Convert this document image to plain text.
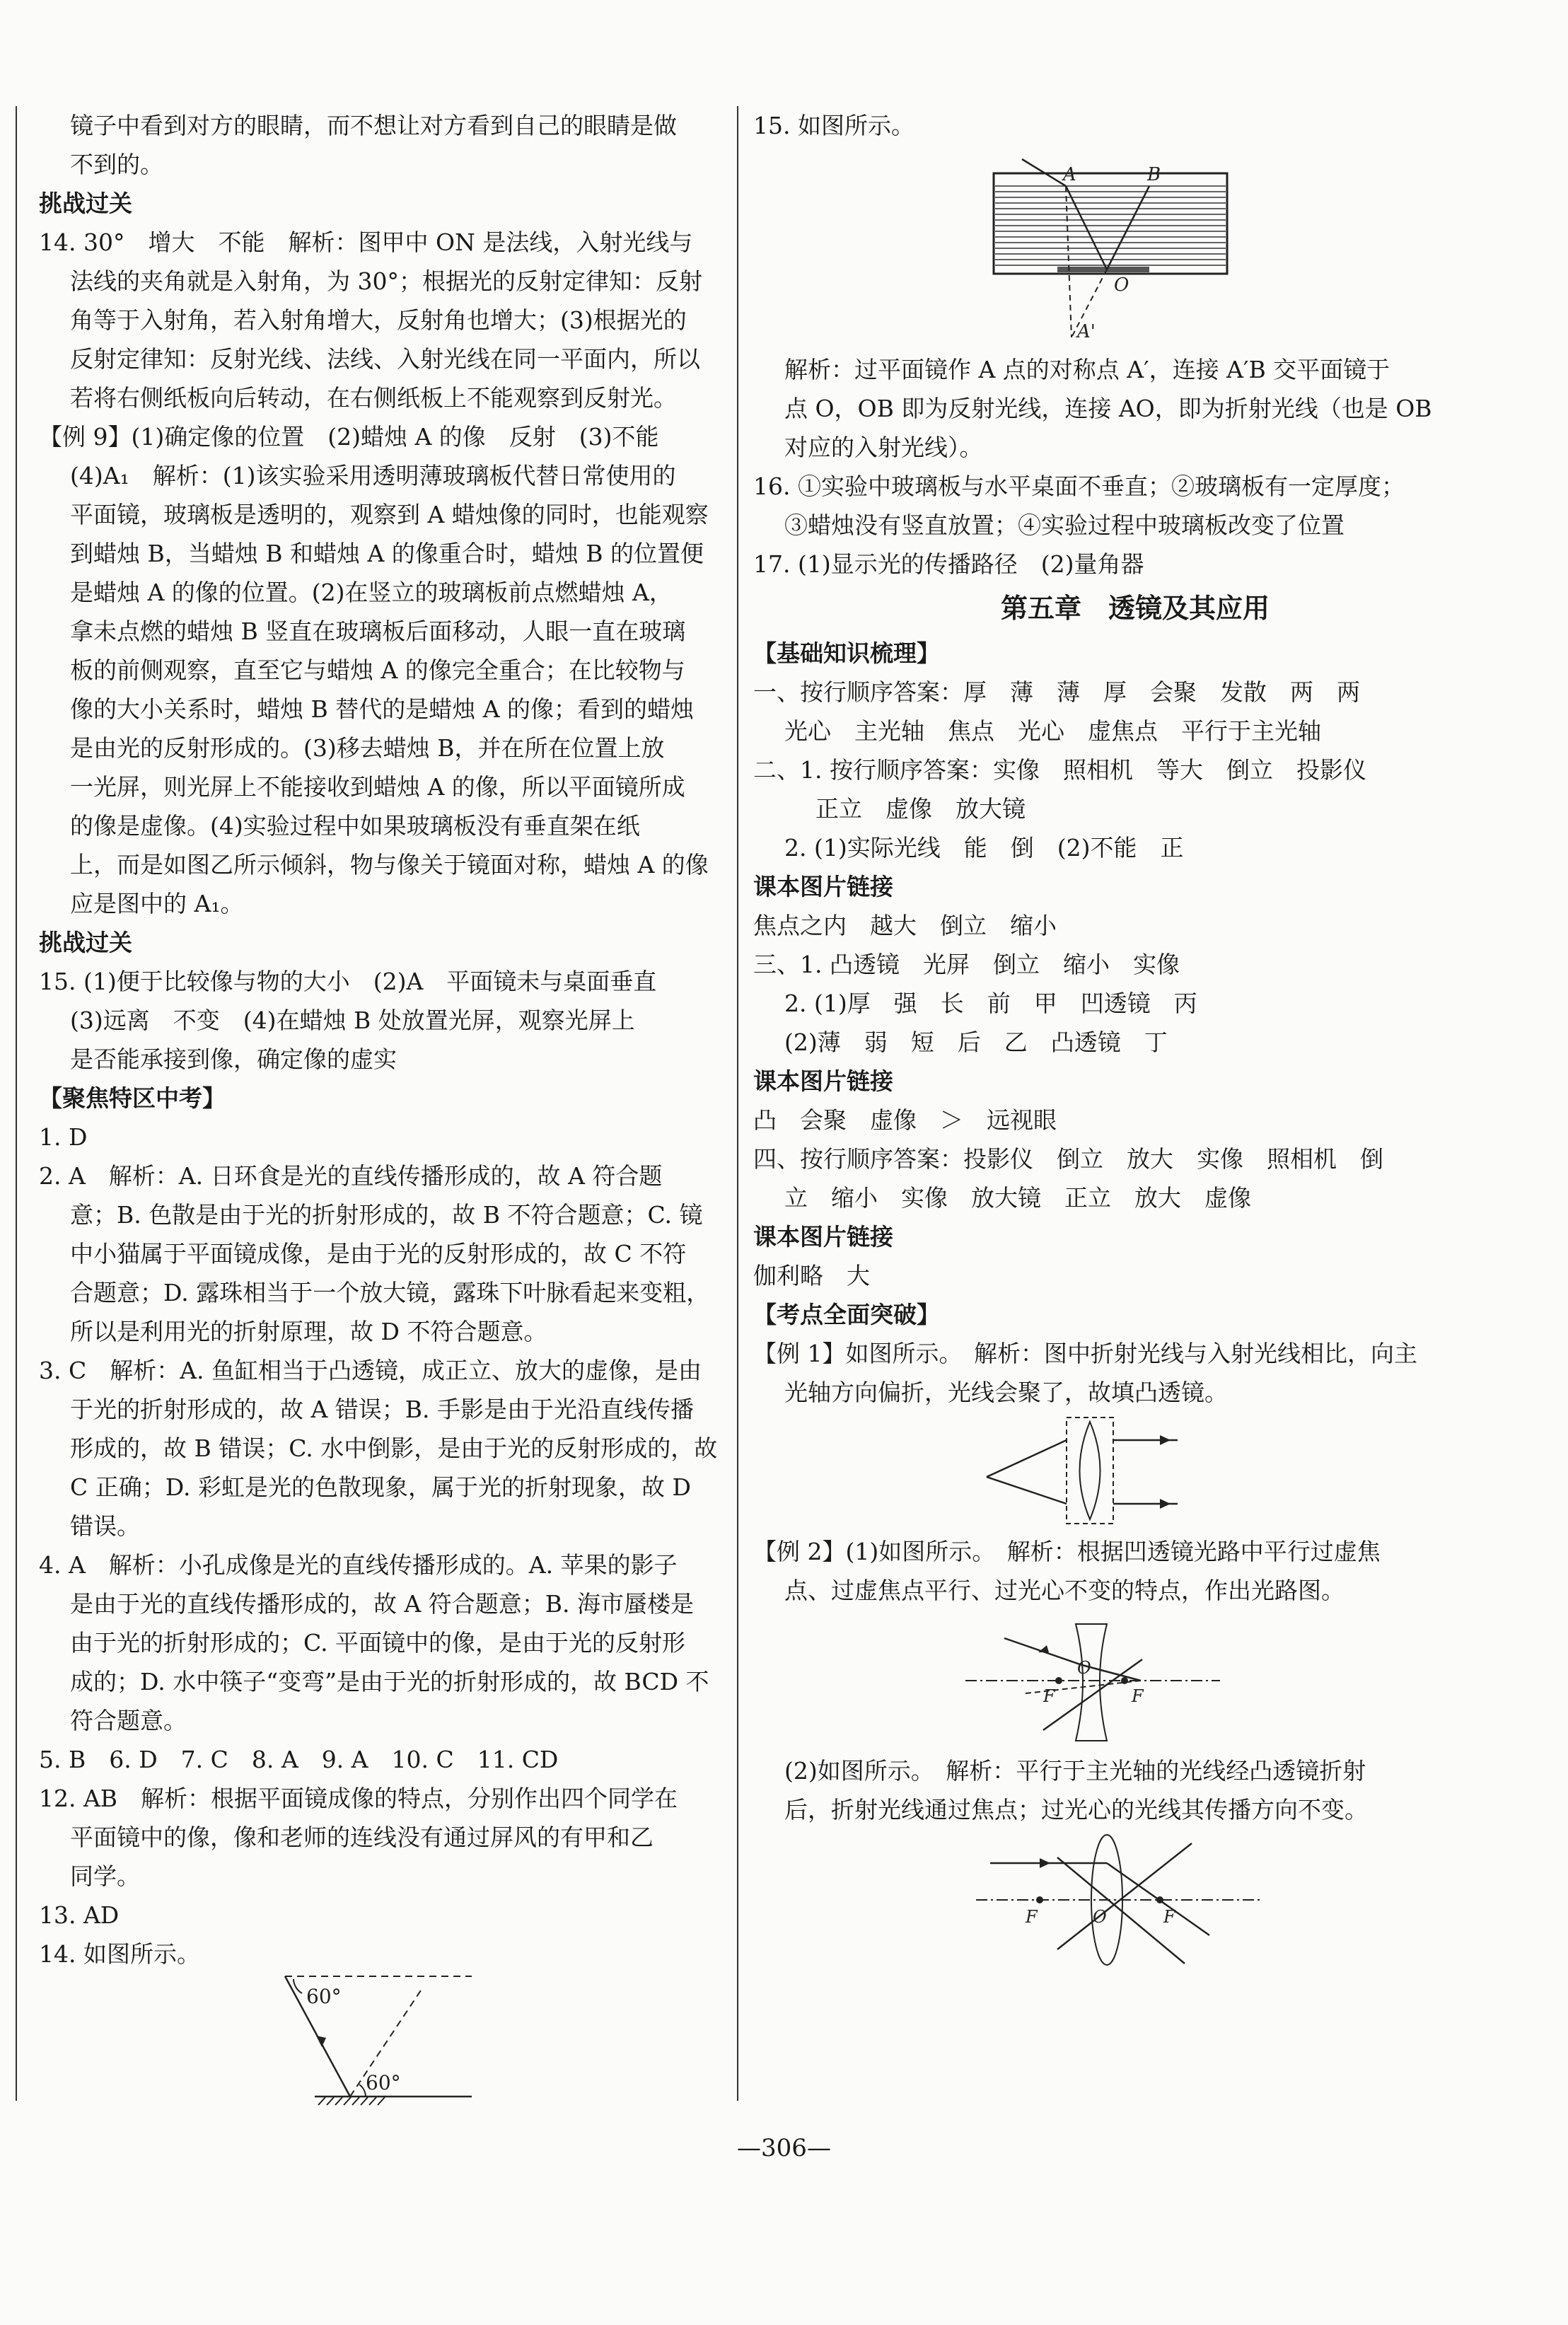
镜子中看到对方的眼睛，而不想让对方看到自己的眼睛是做

不到的。

挑战过关

14. 30°　增大　不能　解析：图甲中 ON 是法线，入射光线与

法线的夹角就是入射角，为 30°；根据光的反射定律知：反射

角等于入射角，若入射角增大，反射角也增大；(3)根据光的

反射定律知：反射光线、法线、入射光线在同一平面内，所以

若将右侧纸板向后转动，在右侧纸板上不能观察到反射光。

【例 9】(1)确定像的位置　(2)蜡烛 A 的像　反射　(3)不能

(4)A₁　解析：(1)该实验采用透明薄玻璃板代替日常使用的

平面镜，玻璃板是透明的，观察到 A 蜡烛像的同时，也能观察

到蜡烛 B，当蜡烛 B 和蜡烛 A 的像重合时，蜡烛 B 的位置便

是蜡烛 A 的像的位置。(2)在竖立的玻璃板前点燃蜡烛 A，

拿未点燃的蜡烛 B 竖直在玻璃板后面移动，人眼一直在玻璃

板的前侧观察，直至它与蜡烛 A 的像完全重合；在比较物与

像的大小关系时，蜡烛 B 替代的是蜡烛 A 的像；看到的蜡烛

是由光的反射形成的。(3)移去蜡烛 B，并在所在位置上放

一光屏，则光屏上不能接收到蜡烛 A 的像，所以平面镜所成

的像是虚像。(4)实验过程中如果玻璃板没有垂直架在纸

上，而是如图乙所示倾斜，物与像关于镜面对称，蜡烛 A 的像

应是图中的 A₁。

挑战过关

15. (1)便于比较像与物的大小　(2)A　平面镜未与桌面垂直

(3)远离　不变　(4)在蜡烛 B 处放置光屏，观察光屏上

是否能承接到像，确定像的虚实

【聚焦特区中考】

1. D

2. A　解析：A. 日环食是光的直线传播形成的，故 A 符合题

意；B. 色散是由于光的折射形成的，故 B 不符合题意；C. 镜

中小猫属于平面镜成像，是由于光的反射形成的，故 C 不符

合题意；D. 露珠相当于一个放大镜，露珠下叶脉看起来变粗，

所以是利用光的折射原理，故 D 不符合题意。

3. C　解析：A. 鱼缸相当于凸透镜，成正立、放大的虚像，是由

于光的折射形成的，故 A 错误；B. 手影是由于光沿直线传播

形成的，故 B 错误；C. 水中倒影，是由于光的反射形成的，故

C 正确；D. 彩虹是光的色散现象，属于光的折射现象，故 D

错误。

4. A　解析：小孔成像是光的直线传播形成的。A. 苹果的影子

是由于光的直线传播形成的，故 A 符合题意；B. 海市蜃楼是

由于光的折射形成的；C. 平面镜中的像，是由于光的反射形

成的；D. 水中筷子“变弯”是由于光的折射形成的，故 BCD 不

符合题意。

5. B　6. D　7. C　8. A　9. A　10. C　11. CD

12. AB　解析：根据平面镜成像的特点，分别作出四个同学在

平面镜中的像，像和老师的连线没有通过屏风的有甲和乙

同学。

13. AD

14. 如图所示。

60°
60°

15. 如图所示。

A	B
O
A'

解析：过平面镜作 A 点的对称点 A′，连接 A′B 交平面镜于

点 O，OB 即为反射光线，连接 AO，即为折射光线（也是 OB

对应的入射光线）。

16. ①实验中玻璃板与水平桌面不垂直；②玻璃板有一定厚度；

③蜡烛没有竖直放置；④实验过程中玻璃板改变了位置

17. (1)显示光的传播路径　(2)量角器

第五章　透镜及其应用

【基础知识梳理】

一、按行顺序答案：厚　薄　薄　厚　会聚　发散　两　两

光心　主光轴　焦点　光心　虚焦点　平行于主光轴

二、1. 按行顺序答案：实像　照相机　等大　倒立　投影仪

正立　虚像　放大镜

2. (1)实际光线　能　倒　(2)不能　正

课本图片链接

焦点之内　越大　倒立　缩小

三、1. 凸透镜　光屏　倒立　缩小　实像

2. (1)厚　强　长　前　甲　凹透镜　丙

(2)薄　弱　短　后　乙　凸透镜　丁

课本图片链接

凸　会聚　虚像　＞　远视眼

四、按行顺序答案：投影仪　倒立　放大　实像　照相机　倒

立　缩小　实像　放大镜　正立　放大　虚像

课本图片链接

伽利略　大

【考点全面突破】

【例 1】如图所示。　解析：图中折射光线与入射光线相比，向主

光轴方向偏折，光线会聚了，故填凸透镜。

【例 2】(1)如图所示。　解析：根据凹透镜光路中平行过虚焦

点、过虚焦点平行、过光心不变的特点，作出光路图。

F
O
F

(2)如图所示。　解析：平行于主光轴的光线经凸透镜折射

后，折射光线通过焦点；过光心的光线其传播方向不变。

F	O	F
—306—
